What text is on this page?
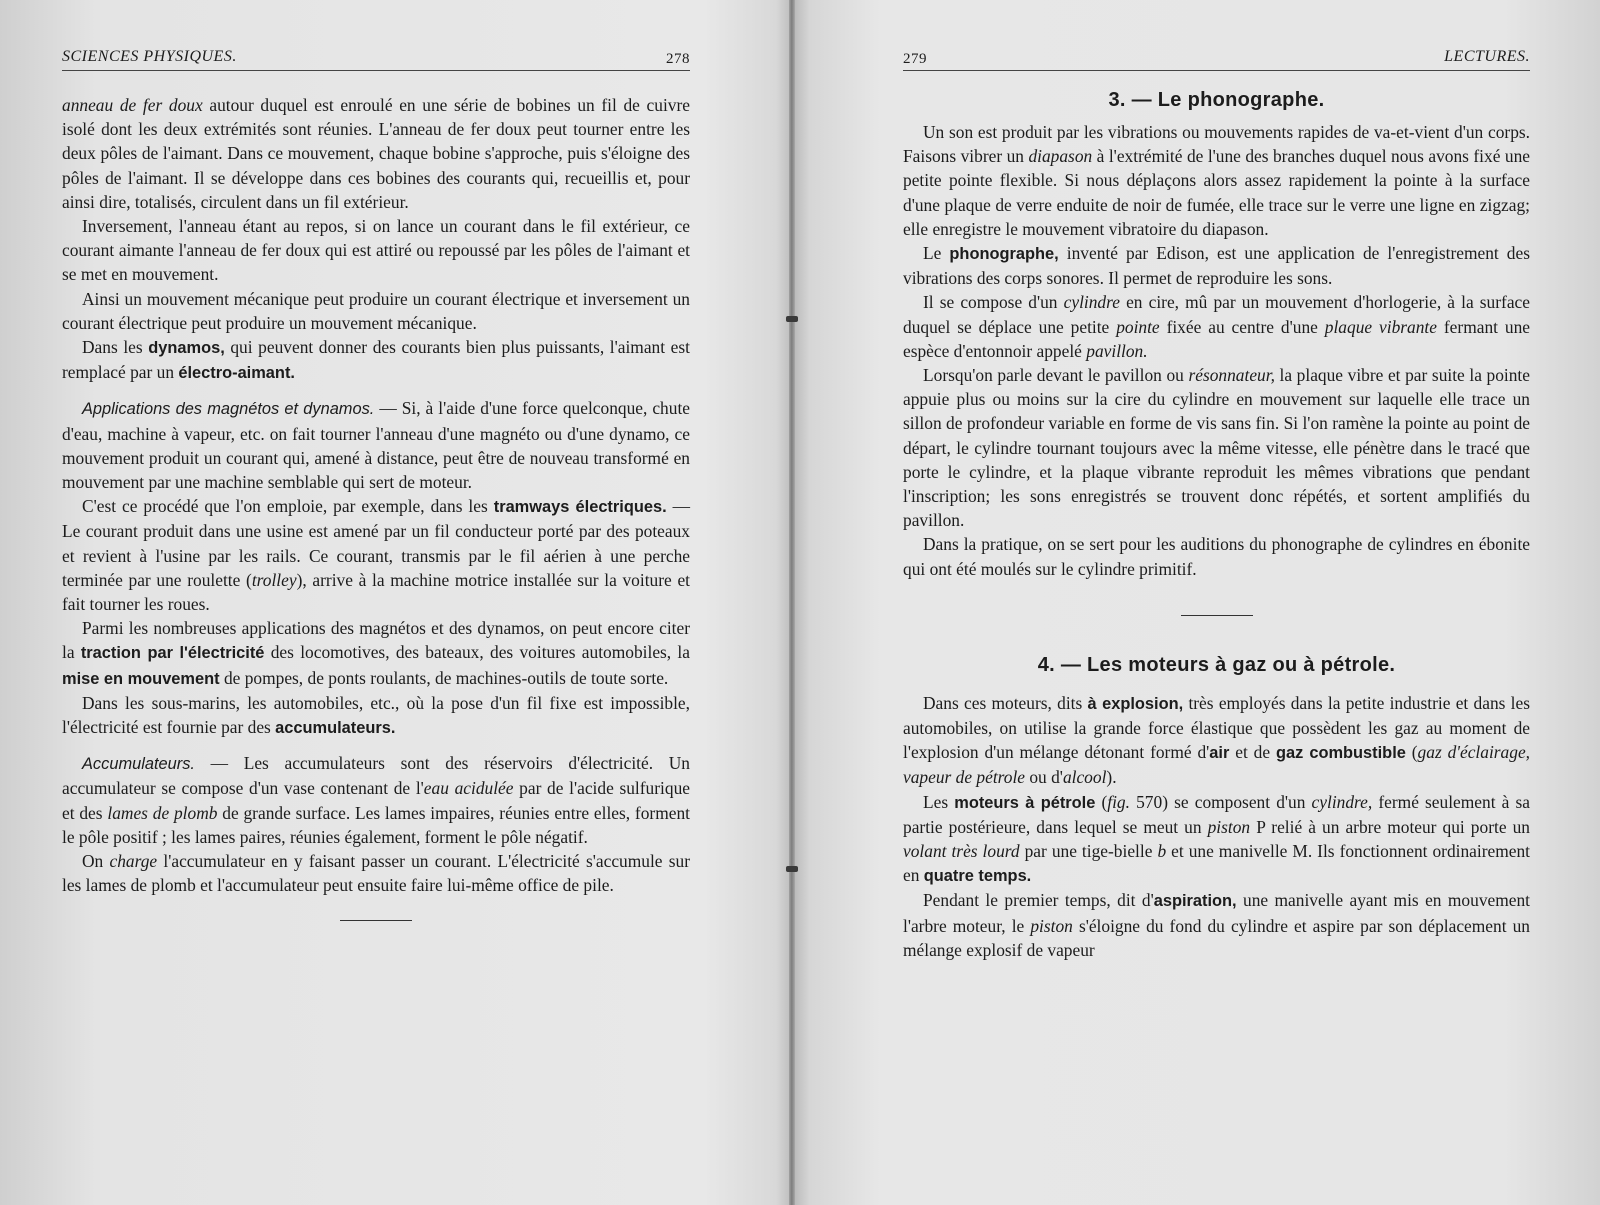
SCIENCES PHYSIQUES.	278

anneau de fer doux autour duquel est enroulé en une série de bobines un fil de cuivre isolé dont les deux extrémités sont réunies. L'anneau de fer doux peut tourner entre les deux pôles de l'aimant. Dans ce mouvement, chaque bobine s'approche, puis s'éloigne des pôles de l'aimant. Il se développe dans ces bobines des courants qui, recueillis et, pour ainsi dire, totalisés, circulent dans un fil extérieur.

Inversement, l'anneau étant au repos, si on lance un courant dans le fil extérieur, ce courant aimante l'anneau de fer doux qui est attiré ou repoussé par les pôles de l'aimant et se met en mouvement.

Ainsi un mouvement mécanique peut produire un courant électrique et inversement un courant électrique peut produire un mouvement mécanique.

Dans les dynamos, qui peuvent donner des courants bien plus puissants, l'aimant est remplacé par un électro-aimant.

Applications des magnétos et dynamos. — Si, à l'aide d'une force quelconque, chute d'eau, machine à vapeur, etc. on fait tourner l'anneau d'une magnéto ou d'une dynamo, ce mouvement produit un courant qui, amené à distance, peut être de nouveau transformé en mouvement par une machine semblable qui sert de moteur.

C'est ce procédé que l'on emploie, par exemple, dans les tramways électriques. — Le courant produit dans une usine est amené par un fil conducteur porté par des poteaux et revient à l'usine par les rails. Ce courant, transmis par le fil aérien à une perche terminée par une roulette (trolley), arrive à la machine motrice installée sur la voiture et fait tourner les roues.

Parmi les nombreuses applications des magnétos et des dynamos, on peut encore citer la traction par l'électricité des locomotives, des bateaux, des voitures automobiles, la mise en mouvement de pompes, de ponts roulants, de machines-outils de toute sorte.

Dans les sous-marins, les automobiles, etc., où la pose d'un fil fixe est impossible, l'électricité est fournie par des accumulateurs.

Accumulateurs. — Les accumulateurs sont des réservoirs d'électricité. Un accumulateur se compose d'un vase contenant de l'eau acidulée par de l'acide sulfurique et des lames de plomb de grande surface. Les lames impaires, réunies entre elles, forment le pôle positif ; les lames paires, réunies également, forment le pôle négatif.

On charge l'accumulateur en y faisant passer un courant. L'électricité s'accumule sur les lames de plomb et l'accumulateur peut ensuite faire lui-même office de pile.

279	LECTURES.
3. — Le phonographe.

Un son est produit par les vibrations ou mouvements rapides de va-et-vient d'un corps. Faisons vibrer un diapason à l'extrémité de l'une des branches duquel nous avons fixé une petite pointe flexible. Si nous déplaçons alors assez rapidement la pointe à la surface d'une plaque de verre enduite de noir de fumée, elle trace sur le verre une ligne en zigzag; elle enregistre le mouvement vibratoire du diapason.

Le phonographe, inventé par Edison, est une application de l'enregistrement des vibrations des corps sonores. Il permet de reproduire les sons.

Il se compose d'un cylindre en cire, mû par un mouvement d'horlogerie, à la surface duquel se déplace une petite pointe fixée au centre d'une plaque vibrante fermant une espèce d'entonnoir appelé pavillon.

Lorsqu'on parle devant le pavillon ou résonnateur, la plaque vibre et par suite la pointe appuie plus ou moins sur la cire du cylindre en mouvement sur laquelle elle trace un sillon de profondeur variable en forme de vis sans fin. Si l'on ramène la pointe au point de départ, le cylindre tournant toujours avec la même vitesse, elle pénètre dans le tracé que porte le cylindre, et la plaque vibrante reproduit les mêmes vibrations que pendant l'inscription; les sons enregistrés se trouvent donc répétés, et sortent amplifiés du pavillon.

Dans la pratique, on se sert pour les auditions du phonographe de cylindres en ébonite qui ont été moulés sur le cylindre primitif.

4. — Les moteurs à gaz ou à pétrole.

Dans ces moteurs, dits à explosion, très employés dans la petite industrie et dans les automobiles, on utilise la grande force élastique que possèdent les gaz au moment de l'explosion d'un mélange détonant formé d'air et de gaz combustible (gaz d'éclairage, vapeur de pétrole ou d'alcool).

Les moteurs à pétrole (fig. 570) se composent d'un cylindre, fermé seulement à sa partie postérieure, dans lequel se meut un piston P relié à un arbre moteur qui porte un volant très lourd par une tige-bielle b et une manivelle M. Ils fonctionnent ordinairement en quatre temps.

Pendant le premier temps, dit d'aspiration, une manivelle ayant mis en mouvement l'arbre moteur, le piston s'éloigne du fond du cylindre et aspire par son déplacement un mélange explosif de vapeur
